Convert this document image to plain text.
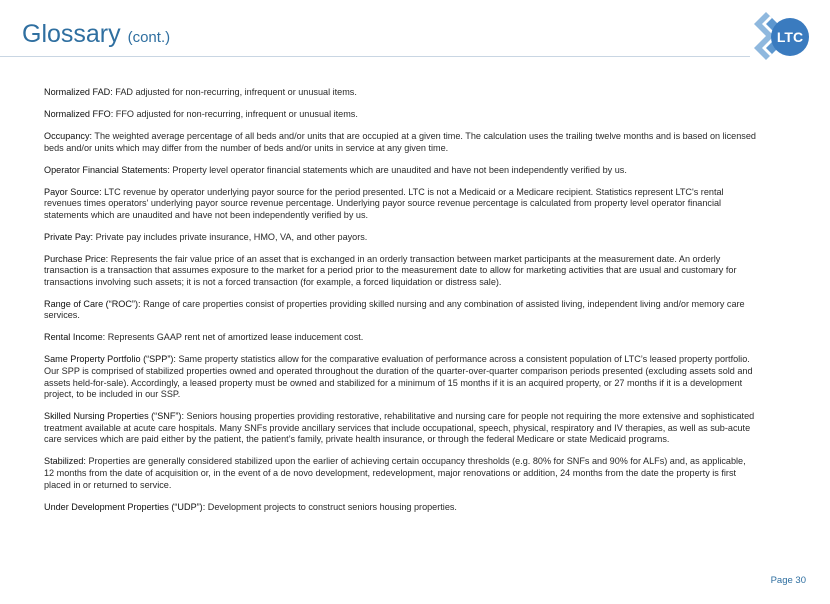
Glossary (cont.)	LTC REIT

Normalized FAD: FAD adjusted for non-recurring, infrequent or unusual items.

Normalized FFO: FFO adjusted for non-recurring, infrequent or unusual items.

Occupancy: The weighted average percentage of all beds and/or units that are occupied at a given time. The calculation uses the trailing twelve months and is based on licensed beds and/or units which may differ from the number of beds and/or units in service at any given time.

Operator Financial Statements: Property level operator financial statements which are unaudited and have not been independently verified by us.

Payor Source: LTC revenue by operator underlying payor source for the period presented. LTC is not a Medicaid or a Medicare recipient. Statistics represent LTC's rental revenues times operators' underlying payor source revenue percentage. Underlying payor source revenue percentage is calculated from property level operator financial statements which are unaudited and have not been independently verified by us.

Private Pay: Private pay includes private insurance, HMO, VA, and other payors.

Purchase Price: Represents the fair value price of an asset that is exchanged in an orderly transaction between market participants at the measurement date. An orderly transaction is a transaction that assumes exposure to the market for a period prior to the measurement date to allow for marketing activities that are usual and customary for transactions involving such assets; it is not a forced transaction (for example, a forced liquidation or distress sale).

Range of Care (“ROC”): Range of care properties consist of properties providing skilled nursing and any combination of assisted living, independent living and/or memory care services.

Rental Income: Represents GAAP rent net of amortized lease inducement cost.

Same Property Portfolio (“SPP”): Same property statistics allow for the comparative evaluation of performance across a consistent population of LTC’s leased property portfolio. Our SPP is comprised of stabilized properties owned and operated throughout the duration of the quarter-over-quarter comparison periods presented (excluding assets sold and assets held-for-sale). Accordingly, a leased property must be owned and stabilized for a minimum of 15 months if it is an acquired property, or 27 months if it is a development project, to be included in our SSP.

Skilled Nursing Properties (“SNF”): Seniors housing properties providing restorative, rehabilitative and nursing care for people not requiring the more extensive and sophisticated treatment available at acute care hospitals. Many SNFs provide ancillary services that include occupational, speech, physical, respiratory and IV therapies, as well as sub-acute care services which are paid either by the patient, the patient’s family, private health insurance, or through the federal Medicare or state Medicaid programs.

Stabilized: Properties are generally considered stabilized upon the earlier of achieving certain occupancy thresholds (e.g. 80% for SNFs and 90% for ALFs) and, as applicable, 12 months from the date of acquisition or, in the event of a de novo development, redevelopment, major renovations or addition, 24 months from the date the property is first placed in or returned to service.

Under Development Properties (“UDP”): Development projects to construct seniors housing properties.

Page 30
